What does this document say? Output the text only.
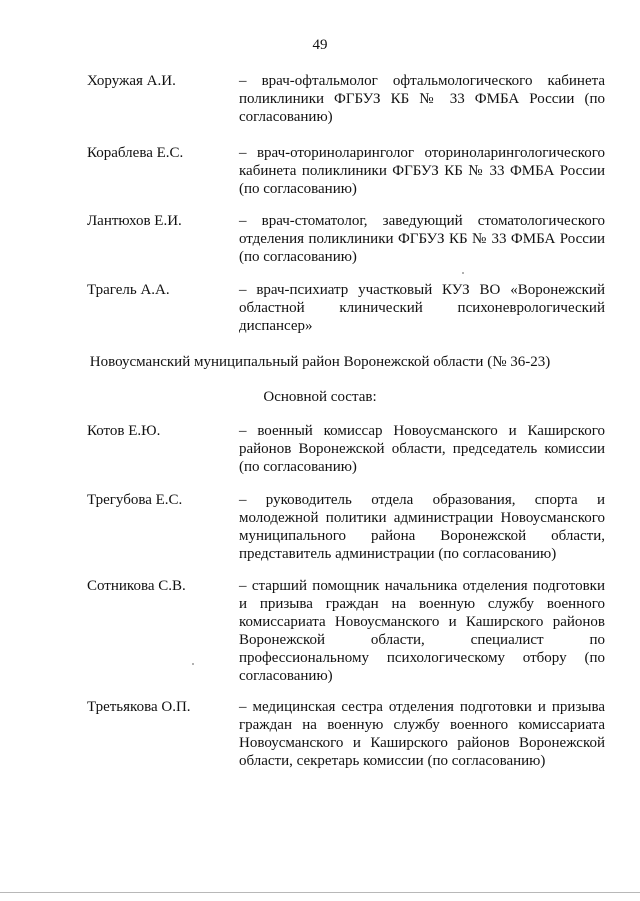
49
Хоружая А.И.	– врач-офтальмолог офтальмологического кабинета поликлиники ФГБУЗ КБ № 33 ФМБА России (по согласованию)
Кораблева Е.С.	– врач-оториноларинголог оториноларингологического кабинета поликлиники ФГБУЗ КБ № 33 ФМБА России (по согласованию)
Лантюхов Е.И.	– врач-стоматолог, заведующий стоматологического отделения поликлиники ФГБУЗ КБ № 33 ФМБА России (по согласованию)
Трагель А.А.	– врач-психиатр участковый КУЗ ВО «Воронежский областной клинический психоневрологический диспансер»
Новоусманский муниципальный район Воронежской области (№ 36-23)
Основной состав:
Котов Е.Ю.	– военный комиссар Новоусманского и Каширского районов Воронежской области, председатель комиссии (по согласованию)
Трегубова Е.С.	– руководитель отдела образования, спорта и молодежной политики администрации Новоусманского муниципального района Воронежской области, представитель администрации (по согласованию)
Сотникова С.В.	– старший помощник начальника отделения подготовки и призыва граждан на военную службу военного комиссариата Новоусманского и Каширского районов Воронежской области, специалист по профессиональному психологическому отбору (по согласованию)
Третьякова О.П.	– медицинская сестра отделения подготовки и призыва граждан на военную службу военного комиссариата Новоусманского и Каширского районов Воронежской области, секретарь комиссии (по согласованию)
